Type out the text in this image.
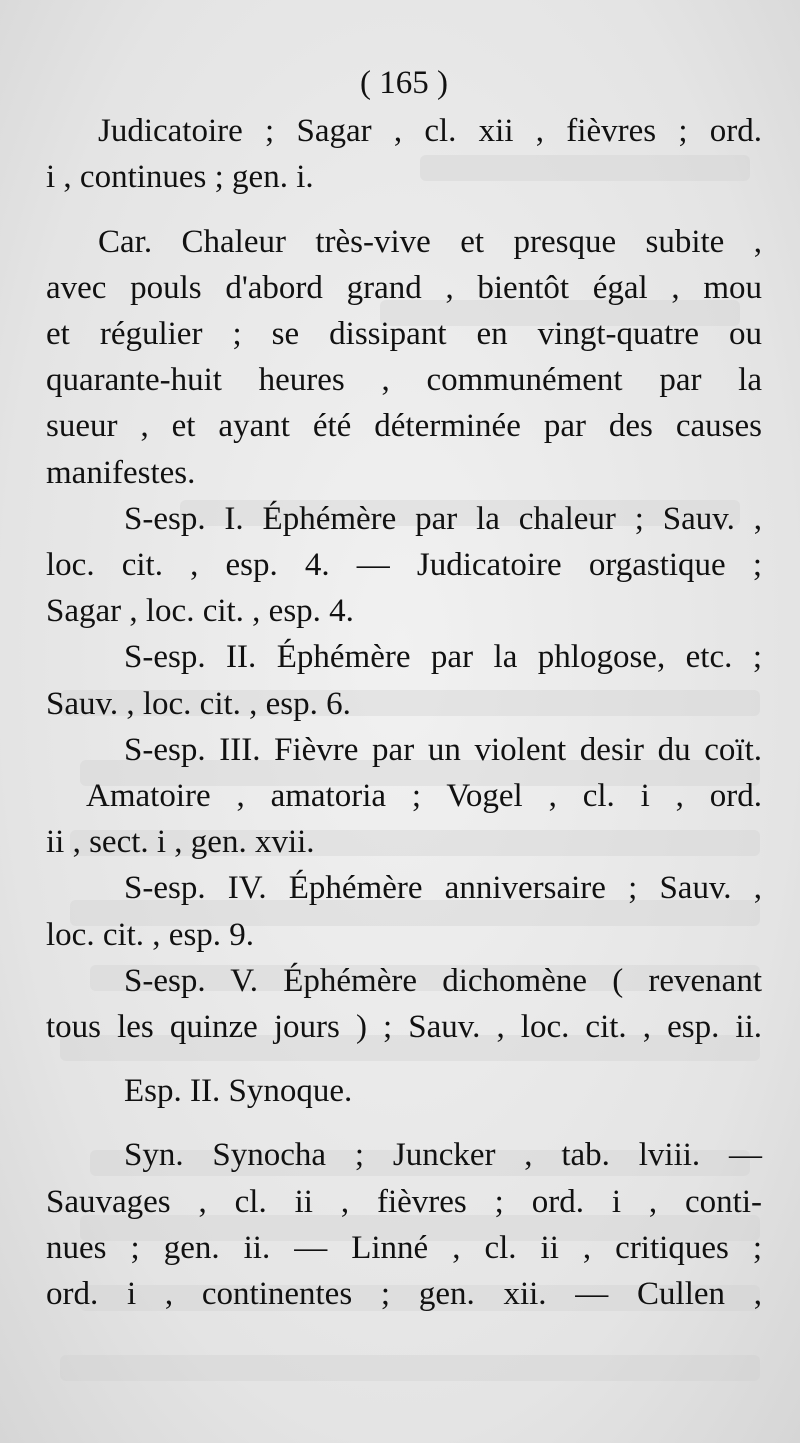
( 165 )
Judicatoire ; Sagar , cl. xii , fièvres ; ord.
i , continues ; gen. i.
Car. Chaleur très-vive et presque subite ,
avec pouls d'abord grand , bientôt égal , mou
et régulier ; se dissipant en vingt-quatre ou
quarante-huit heures , communément par la
sueur , et ayant été déterminée par des causes
manifestes.
S-esp. I. Éphémère par la chaleur ; Sauv. ,
loc. cit. , esp. 4. — Judicatoire orgastique ;
Sagar , loc. cit. , esp. 4.
S-esp. II. Éphémère par la phlogose, etc. ;
Sauv. , loc. cit. , esp. 6.
S-esp. III. Fièvre par un violent desir du coït.
Amatoire , amatoria ; Vogel , cl. i , ord.
ii , sect. i , gen. xvii.
S-esp. IV. Éphémère anniversaire ; Sauv. ,
loc. cit. , esp. 9.
S-esp. V. Éphémère dichomène ( revenant
tous les quinze jours ) ; Sauv. , loc. cit. , esp. ii.
Esp. II. Synoque.
Syn. Synocha ; Juncker , tab. lviii. —
Sauvages , cl. ii , fièvres ; ord. i , conti-
nues ; gen. ii. — Linné , cl. ii , critiques ;
ord. i , continentes ; gen. xii. — Cullen ,
